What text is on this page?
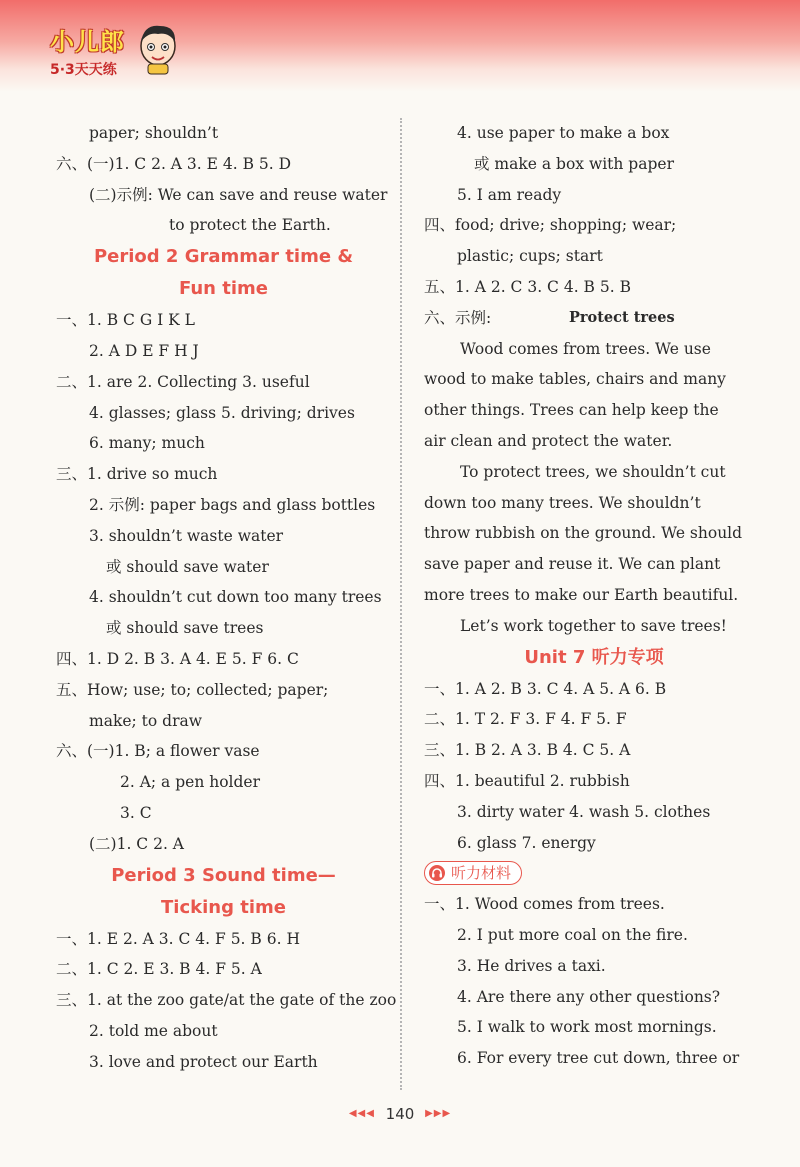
小儿郎
5·3天天练
paper; shouldn’t
六、(一)1. C 2. A 3. E 4. B 5. D
(二)示例: We can save and reuse water
to protect the Earth.
Period 2 Grammar time &
Fun time
一、1. B C G I K L
2. A D E F H J
二、1. are 2. Collecting 3. useful
4. glasses; glass 5. driving; drives
6. many; much
三、1. drive so much
2. 示例: paper bags and glass bottles
3. shouldn’t waste water
或 should save water
4. shouldn’t cut down too many trees
或 should save trees
四、1. D 2. B 3. A 4. E 5. F 6. C
五、How; use; to; collected; paper;
make; to draw
六、(一)1. B; a flower vase
2. A; a pen holder
3. C
(二)1. C 2. A
Period 3 Sound time—
Ticking time
一、1. E 2. A 3. C 4. F 5. B 6. H
二、1. C 2. E 3. B 4. F 5. A
三、1. at the zoo gate/at the gate of the zoo
2. told me about
3. love and protect our Earth
4. use paper to make a box
或 make a box with paper
5. I am ready
四、food; drive; shopping; wear;
plastic; cups; start
五、1. A 2. C 3. C 4. B 5. B
六、示例:	Protect trees
Wood comes from trees. We use
wood to make tables, chairs and many
other things. Trees can help keep the
air clean and protect the water.
To protect trees, we shouldn’t cut
down too many trees. We shouldn’t
throw rubbish on the ground. We should
save paper and reuse it. We can plant
more trees to make our Earth beautiful.
Let’s work together to save trees!
Unit 7 听力专项
一、1. A 2. B 3. C 4. A 5. A 6. B
二、1. T 2. F 3. F 4. F 5. F
三、1. B 2. A 3. B 4. C 5. A
四、1. beautiful 2. rubbish
3. dirty water 4. wash 5. clothes
6. glass 7. energy
听力材料
一、1. Wood comes from trees.
2. I put more coal on the fire.
3. He drives a taxi.
4. Are there any other questions?
5. I walk to work most mornings.
6. For every tree cut down, three or
◀◀◀ 140 ▶▶▶
